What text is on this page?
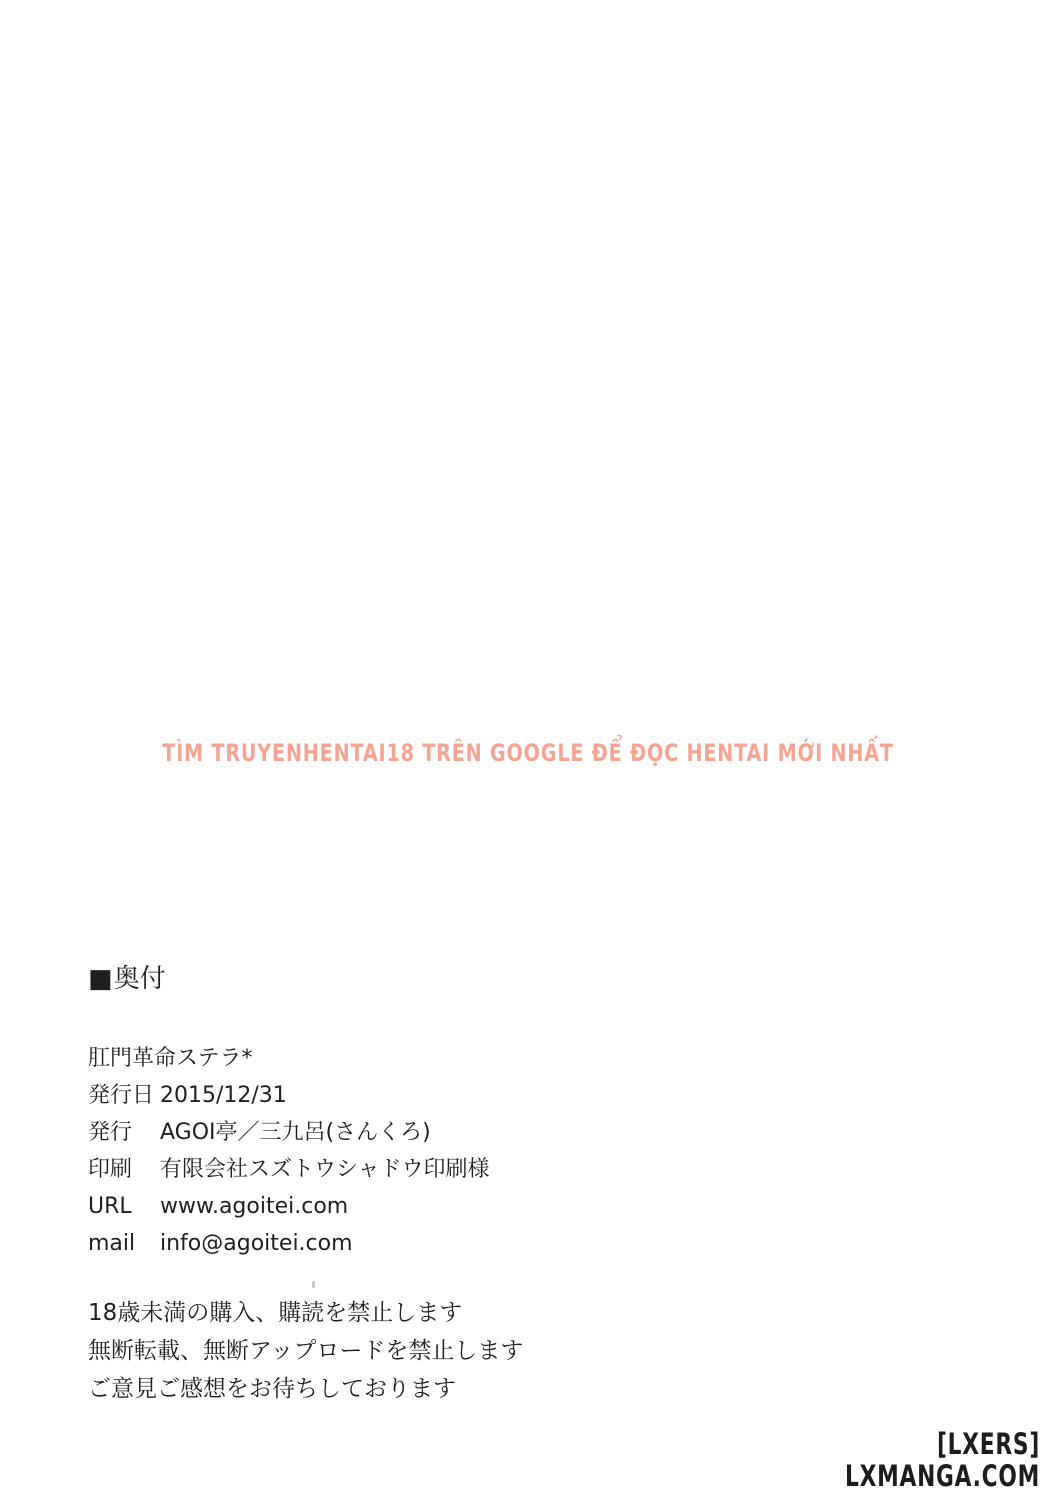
TÌM TRUYENHENTAI18 TRÊN GOOGLE ĐỂ ĐỌC HENTAI MỚI NHẤT
■ 奥付
肛門革命ステラ*
発行日 2015/12/31
発行	AGOI亭／三九呂(さんくろ)
印刷	有限会社スズトウシャドウ印刷様
URL	www.agoitei.com
mail	info@agoitei.com
18歳未満の購入、購読を禁止します
無断転載、無断アップロードを禁止します
ご意見ご感想をお待ちしております
[LXERS]
LXMANGA.COM
